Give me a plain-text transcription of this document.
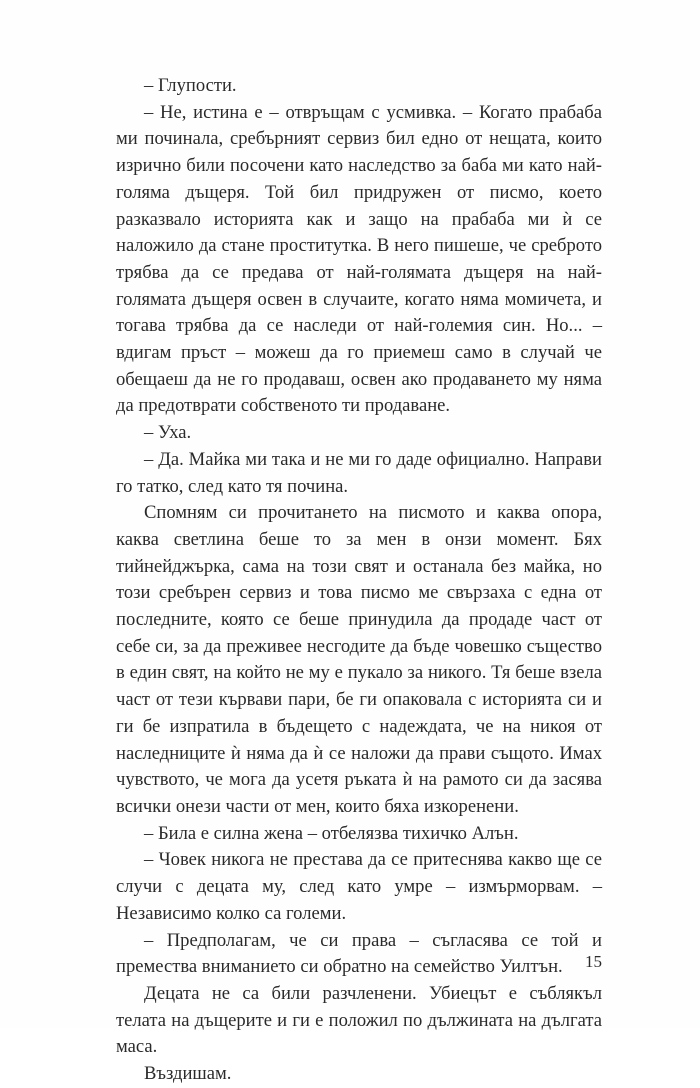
– Глупости.

– Не, истина е – отвръщам с усмивка. – Когато прабаба ми починала, сребърният сервиз бил едно от нещата, които изрично били посочени като наследство за баба ми като най-голяма дъщеря. Той бил придружен от писмо, което разказвало историята как и защо на прабаба ми ѝ се наложило да стане проститутка. В него пишеше, че среброто трябва да се предава от най-голямата дъщеря на най-голямата дъщеря освен в случаите, когато няма момичета, и тогава трябва да се наследи от най-големия син. Но... – вдигам пръст – можеш да го приемеш само в случай че обещаеш да не го продаваш, освен ако продаването му няма да предотврати собственото ти продаване.

– Уха.

– Да. Майка ми така и не ми го даде официално. Направи го татко, след като тя почина.

Спомням си прочитането на писмото и каква опора, каква светлина беше то за мен в онзи момент. Бях тийнейджърка, сама на този свят и останала без майка, но този сребърен сервиз и това писмо ме свързаха с една от последните, която се беше принудила да продаде част от себе си, за да преживее несгодите да бъде човешко същество в един свят, на който не му е пукало за никого. Тя беше взела част от тези кървави пари, бе ги опаковала с историята си и ги бе изпратила в бъдещето с надеждата, че на никоя от наследниците ѝ няма да ѝ се наложи да прави същото. Имах чувството, че мога да усетя ръката ѝ на рамото си да засява всички онези части от мен, които бяха изкоренени.

– Била е силна жена – отбелязва тихичко Алън.

– Човек никога не престава да се притеснява какво ще се случи с децата му, след като умре – измърморвам. – Независимо колко са големи.

– Предполагам, че си права – съгласява се той и премества вниманието си обратно на семейство Уилтън.

Децата не са били разчленени. Убиецът е съблякъл телата на дъщерите и ги е положил по дължината на дългата маса.

Въздишам.

15
